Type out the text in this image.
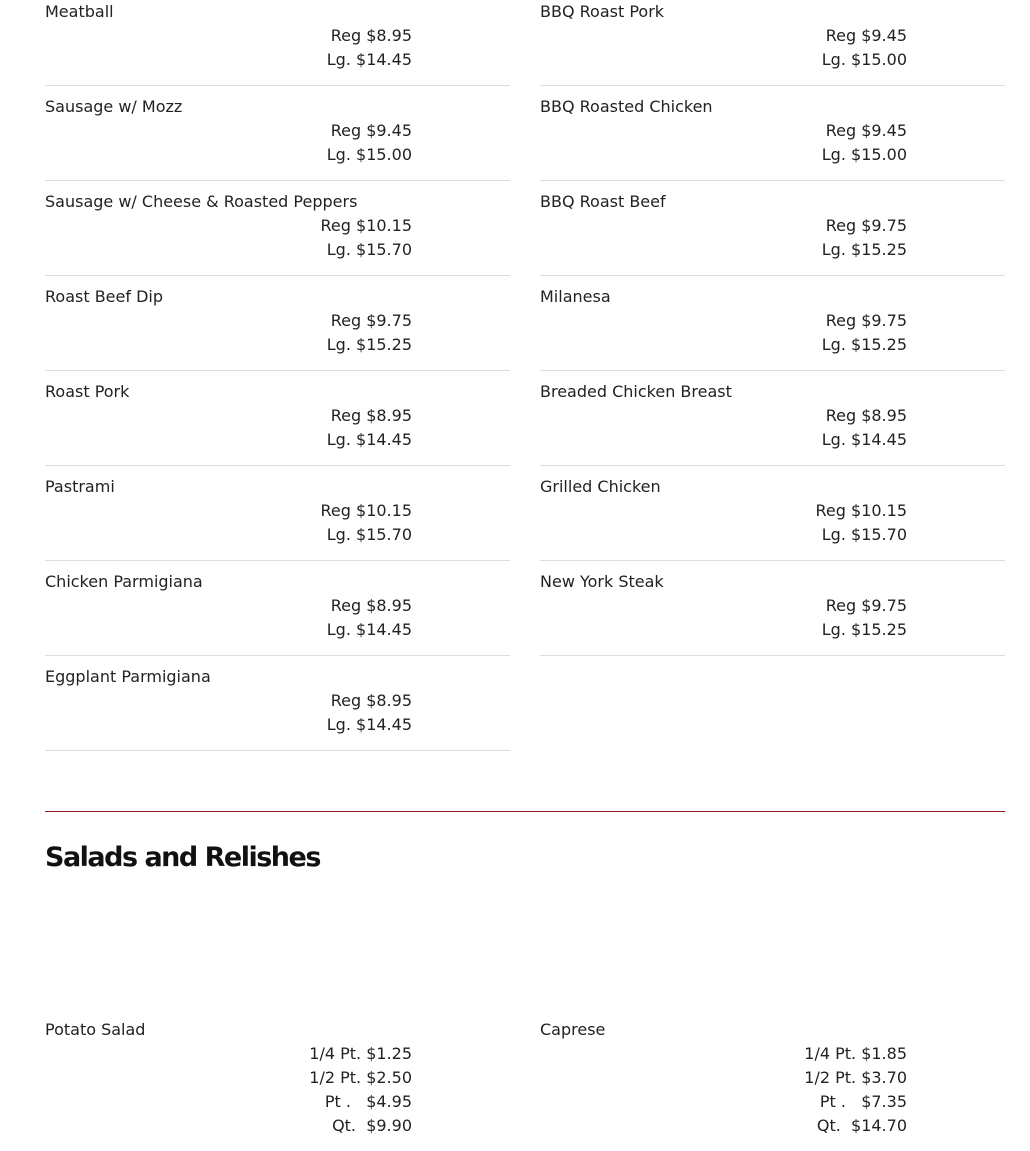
Meatball
Reg $8.95
Lg. $14.45
Sausage w/ Mozz
Reg $9.45
Lg. $15.00
Sausage w/ Cheese & Roasted Peppers
Reg $10.15
Lg. $15.70
Roast Beef Dip
Reg $9.75
Lg. $15.25
Roast Pork
Reg $8.95
Lg. $14.45
Pastrami
Reg $10.15
Lg. $15.70
Chicken Parmigiana
Reg $8.95
Lg. $14.45
Eggplant Parmigiana
Reg $8.95
Lg. $14.45
BBQ Roast Pork
Reg $9.45
Lg. $15.00
BBQ Roasted Chicken
Reg $9.45
Lg. $15.00
BBQ Roast Beef
Reg $9.75
Lg. $15.25
Milanesa
Reg $9.75
Lg. $15.25
Breaded Chicken Breast
Reg $8.95
Lg. $14.45
Grilled Chicken
Reg $10.15
Lg. $15.70
New York Steak
Reg $9.75
Lg. $15.25
Salads and Relishes
Potato Salad
1/4 Pt. $1.25
1/2 Pt. $2.50
Pt .   $4.95
Qt.  $9.90
Caprese
1/4 Pt. $1.85
1/2 Pt. $3.70
Pt .   $7.35
Qt.  $14.70
